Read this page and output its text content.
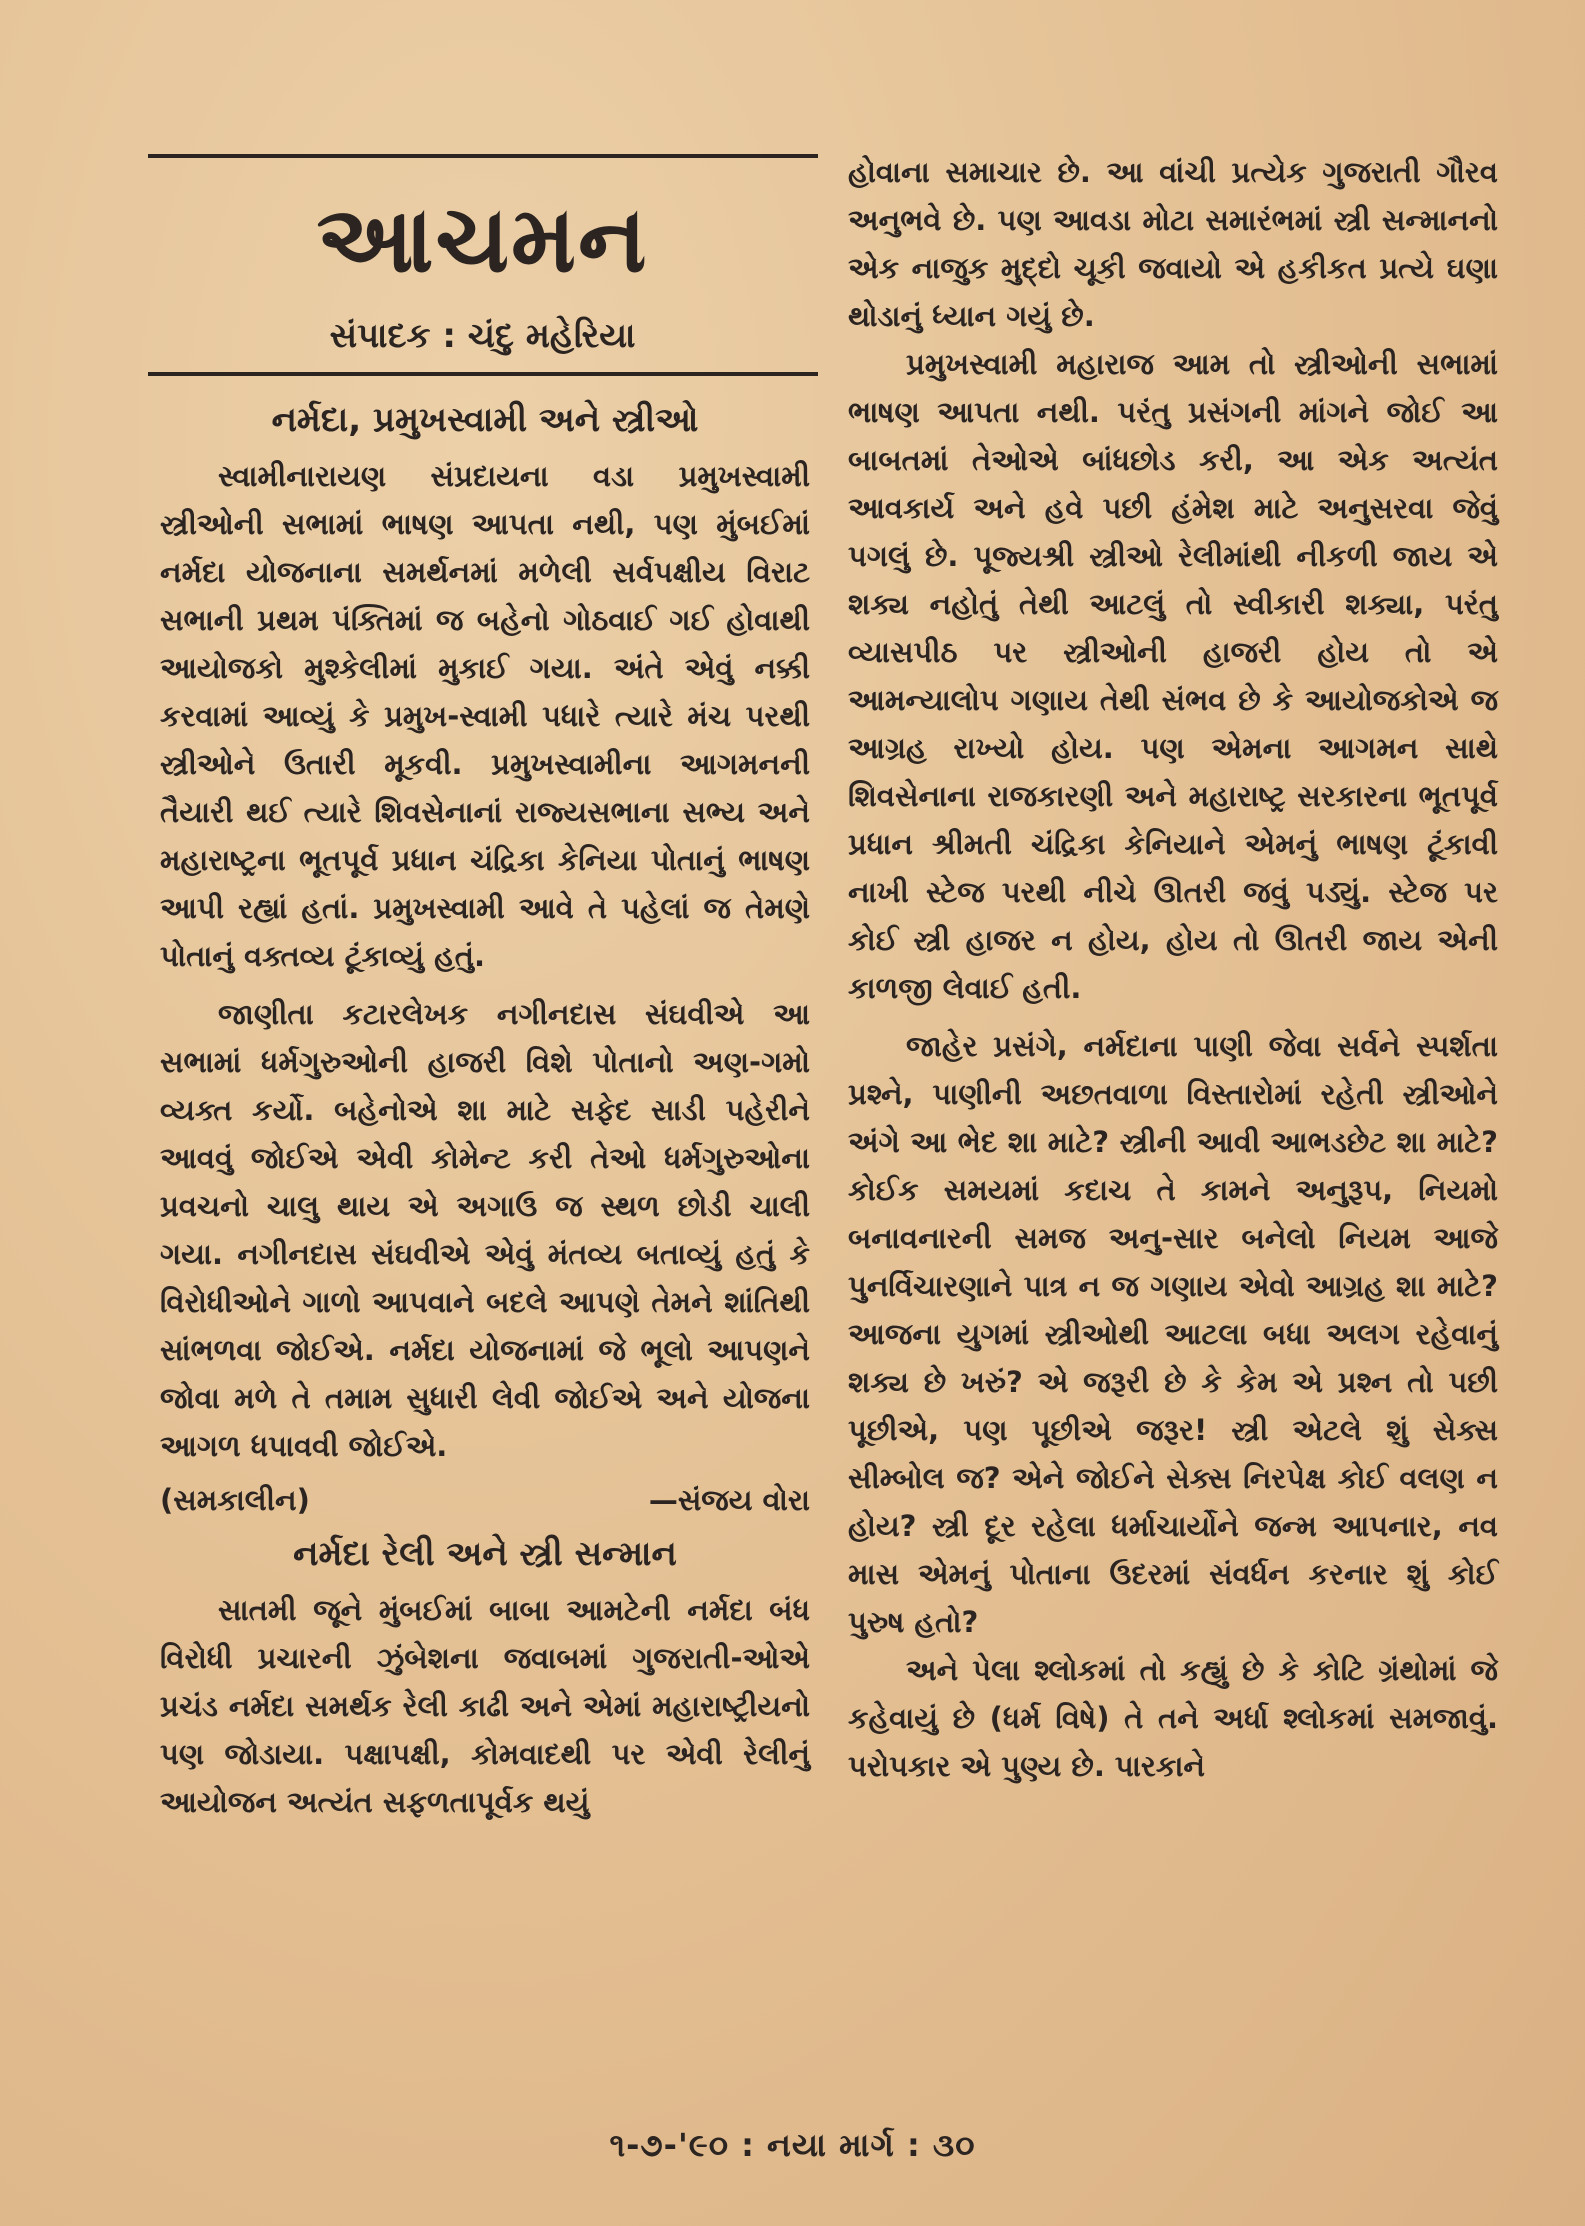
આચમન
સંપાદક : ચંદુ મહેરિયા
નર્મદા, પ્રમુખસ્વામી અને સ્ત્રીઓ

સ્વામીનારાયણ સંપ્રદાયના વડા પ્રમુખસ્વામી સ્ત્રીઓની સભામાં ભાષણ આપતા નથી, પણ મુંબઈમાં નર્મદા યોજનાના સમર્થનમાં મળેલી સર્વપક્ષીય વિરાટ સભાની પ્રથમ પંક્તિમાં જ બહેનો ગોઠવાઈ ગઈ હોવાથી આયોજકો મુશ્કેલીમાં મુકાઈ ગયા. અંતે એવું નક્કી કરવામાં આવ્યું કે પ્રમુખ-સ્વામી પધારે ત્યારે મંચ પરથી સ્ત્રીઓને ઉતારી મૂકવી. પ્રમુખસ્વામીના આગમનની તૈયારી થઈ ત્યારે શિવસેનાનાં રાજ્યસભાના સભ્ય અને મહારાષ્ટ્રના ભૂતપૂર્વ પ્રધાન ચંદ્રિકા કેનિયા પોતાનું ભાષણ આપી રહ્યાં હતાં. પ્રમુખસ્વામી આવે તે પહેલાં જ તેમણે પોતાનું વક્તવ્ય ટૂંકાવ્યું હતું.

જાણીતા કટારલેખક નગીનદાસ સંઘવીએ આ સભામાં ધર્મગુરુઓની હાજરી વિશે પોતાનો અણ-ગમો વ્યક્ત કર્યો. બહેનોએ શા માટે સફેદ સાડી પહેરીને આવવું જોઈએ એવી કોમેન્ટ કરી તેઓ ધર્મગુરુઓના પ્રવચનો ચાલુ થાય એ અગાઉ જ સ્થળ છોડી ચાલી ગયા. નગીનદાસ સંઘવીએ એવું મંતવ્ય બતાવ્યું હતું કે વિરોધીઓને ગાળો આપવાને બદલે આપણે તેમને શાંતિથી સાંભળવા જોઈએ. નર્મદા યોજનામાં જે ભૂલો આપણને જોવા મળે તે તમામ સુધારી લેવી જોઈએ અને યોજના આગળ ધપાવવી જોઈએ.

(સમકાલીન)	—સંજય વોરા
નર્મદા રેલી અને સ્ત્રી સન્માન

સાતમી જૂને મુંબઈમાં બાબા આમટેની નર્મદા બંધ વિરોધી પ્રચારની ઝુંબેશના જવાબમાં ગુજરાતી-ઓએ પ્રચંડ નર્મદા સમર્થક રેલી કાઢી અને એમાં મહારાષ્ટ્રીયનો પણ જોડાયા. પક્ષાપક્ષી, કોમવાદથી પર એવી રેલીનું આયોજન અત્યંત સફળતાપૂર્વક થયું

હોવાના સમાચાર છે. આ વાંચી પ્રત્યેક ગુજરાતી ગૌરવ અનુભવે છે. પણ આવડા મોટા સમારંભમાં સ્ત્રી સન્માનનો એક નાજુક મુદ્દો ચૂકી જવાયો એ હકીકત પ્રત્યે ઘણા થોડાનું ધ્યાન ગયું છે.

પ્રમુખસ્વામી મહારાજ આમ તો સ્ત્રીઓની સભામાં ભાષણ આપતા નથી. પરંતુ પ્રસંગની માંગને જોઈ આ બાબતમાં તેઓએ બાંધછોડ કરી, આ એક અત્યંત આવકાર્ય અને હવે પછી હંમેશ માટે અનુસરવા જેવું પગલું છે. પૂજ્યશ્રી સ્ત્રીઓ રેલીમાંથી નીકળી જાય એ શક્ય નહોતું તેથી આટલું તો સ્વીકારી શક્યા, પરંતુ વ્યાસપીઠ પર સ્ત્રીઓની હાજરી હોય તો એ આમન્યાલોપ ગણાય તેથી સંભવ છે કે આયોજકોએ જ આગ્રહ રાખ્યો હોય. પણ એમના આગમન સાથે શિવસેનાના રાજકારણી અને મહારાષ્ટ્ર સરકારના ભૂતપૂર્વ પ્રધાન શ્રીમતી ચંદ્રિકા કેનિયાને એમનું ભાષણ ટૂંકાવી નાખી સ્ટેજ પરથી નીચે ઊતરી જવું પડ્યું. સ્ટેજ પર કોઈ સ્ત્રી હાજર ન હોય, હોય તો ઊતરી જાય એની કાળજી લેવાઈ હતી.

જાહેર પ્રસંગે, નર્મદાના પાણી જેવા સર્વને સ્પર્શતા પ્રશ્ને, પાણીની અછતવાળા વિસ્તારોમાં રહેતી સ્ત્રીઓને અંગે આ ભેદ શા માટે? સ્ત્રીની આવી આભડછેટ શા માટે? કોઈક સમયમાં કદાચ તે કામને અનુરૂપ, નિયમો બનાવનારની સમજ અનુ-સાર બનેલો નિયમ આજે પુનર્વિચારણાને પાત્ર ન જ ગણાય એવો આગ્રહ શા માટે? આજના યુગમાં સ્ત્રીઓથી આટલા બધા અલગ રહેવાનું શક્ય છે ખરું? એ જરૂરી છે કે કેમ એ પ્રશ્ન તો પછી પૂછીએ, પણ પૂછીએ જરૂર! સ્ત્રી એટલે શું સેક્સ સીમ્બોલ જ? એને જોઈને સેક્સ નિરપેક્ષ કોઈ વલણ ન હોય? સ્ત્રી દૂર રહેલા ધર્માચાર્યોને જન્મ આપનાર, નવ માસ એમનું પોતાના ઉદરમાં સંવર્ધન કરનાર શું કોઈ પુરુષ હતો?

અને પેલા શ્લોકમાં તો કહ્યું છે કે કોટિ ગ્રંથોમાં જે કહેવાયું છે (ધર્મ વિષે) તે તને અર્ધા શ્લોકમાં સમજાવું. પરોપકાર એ પુણ્ય છે. પારકાને

૧-૭-'૯૦ : નયા માર્ગ : ૩૦
